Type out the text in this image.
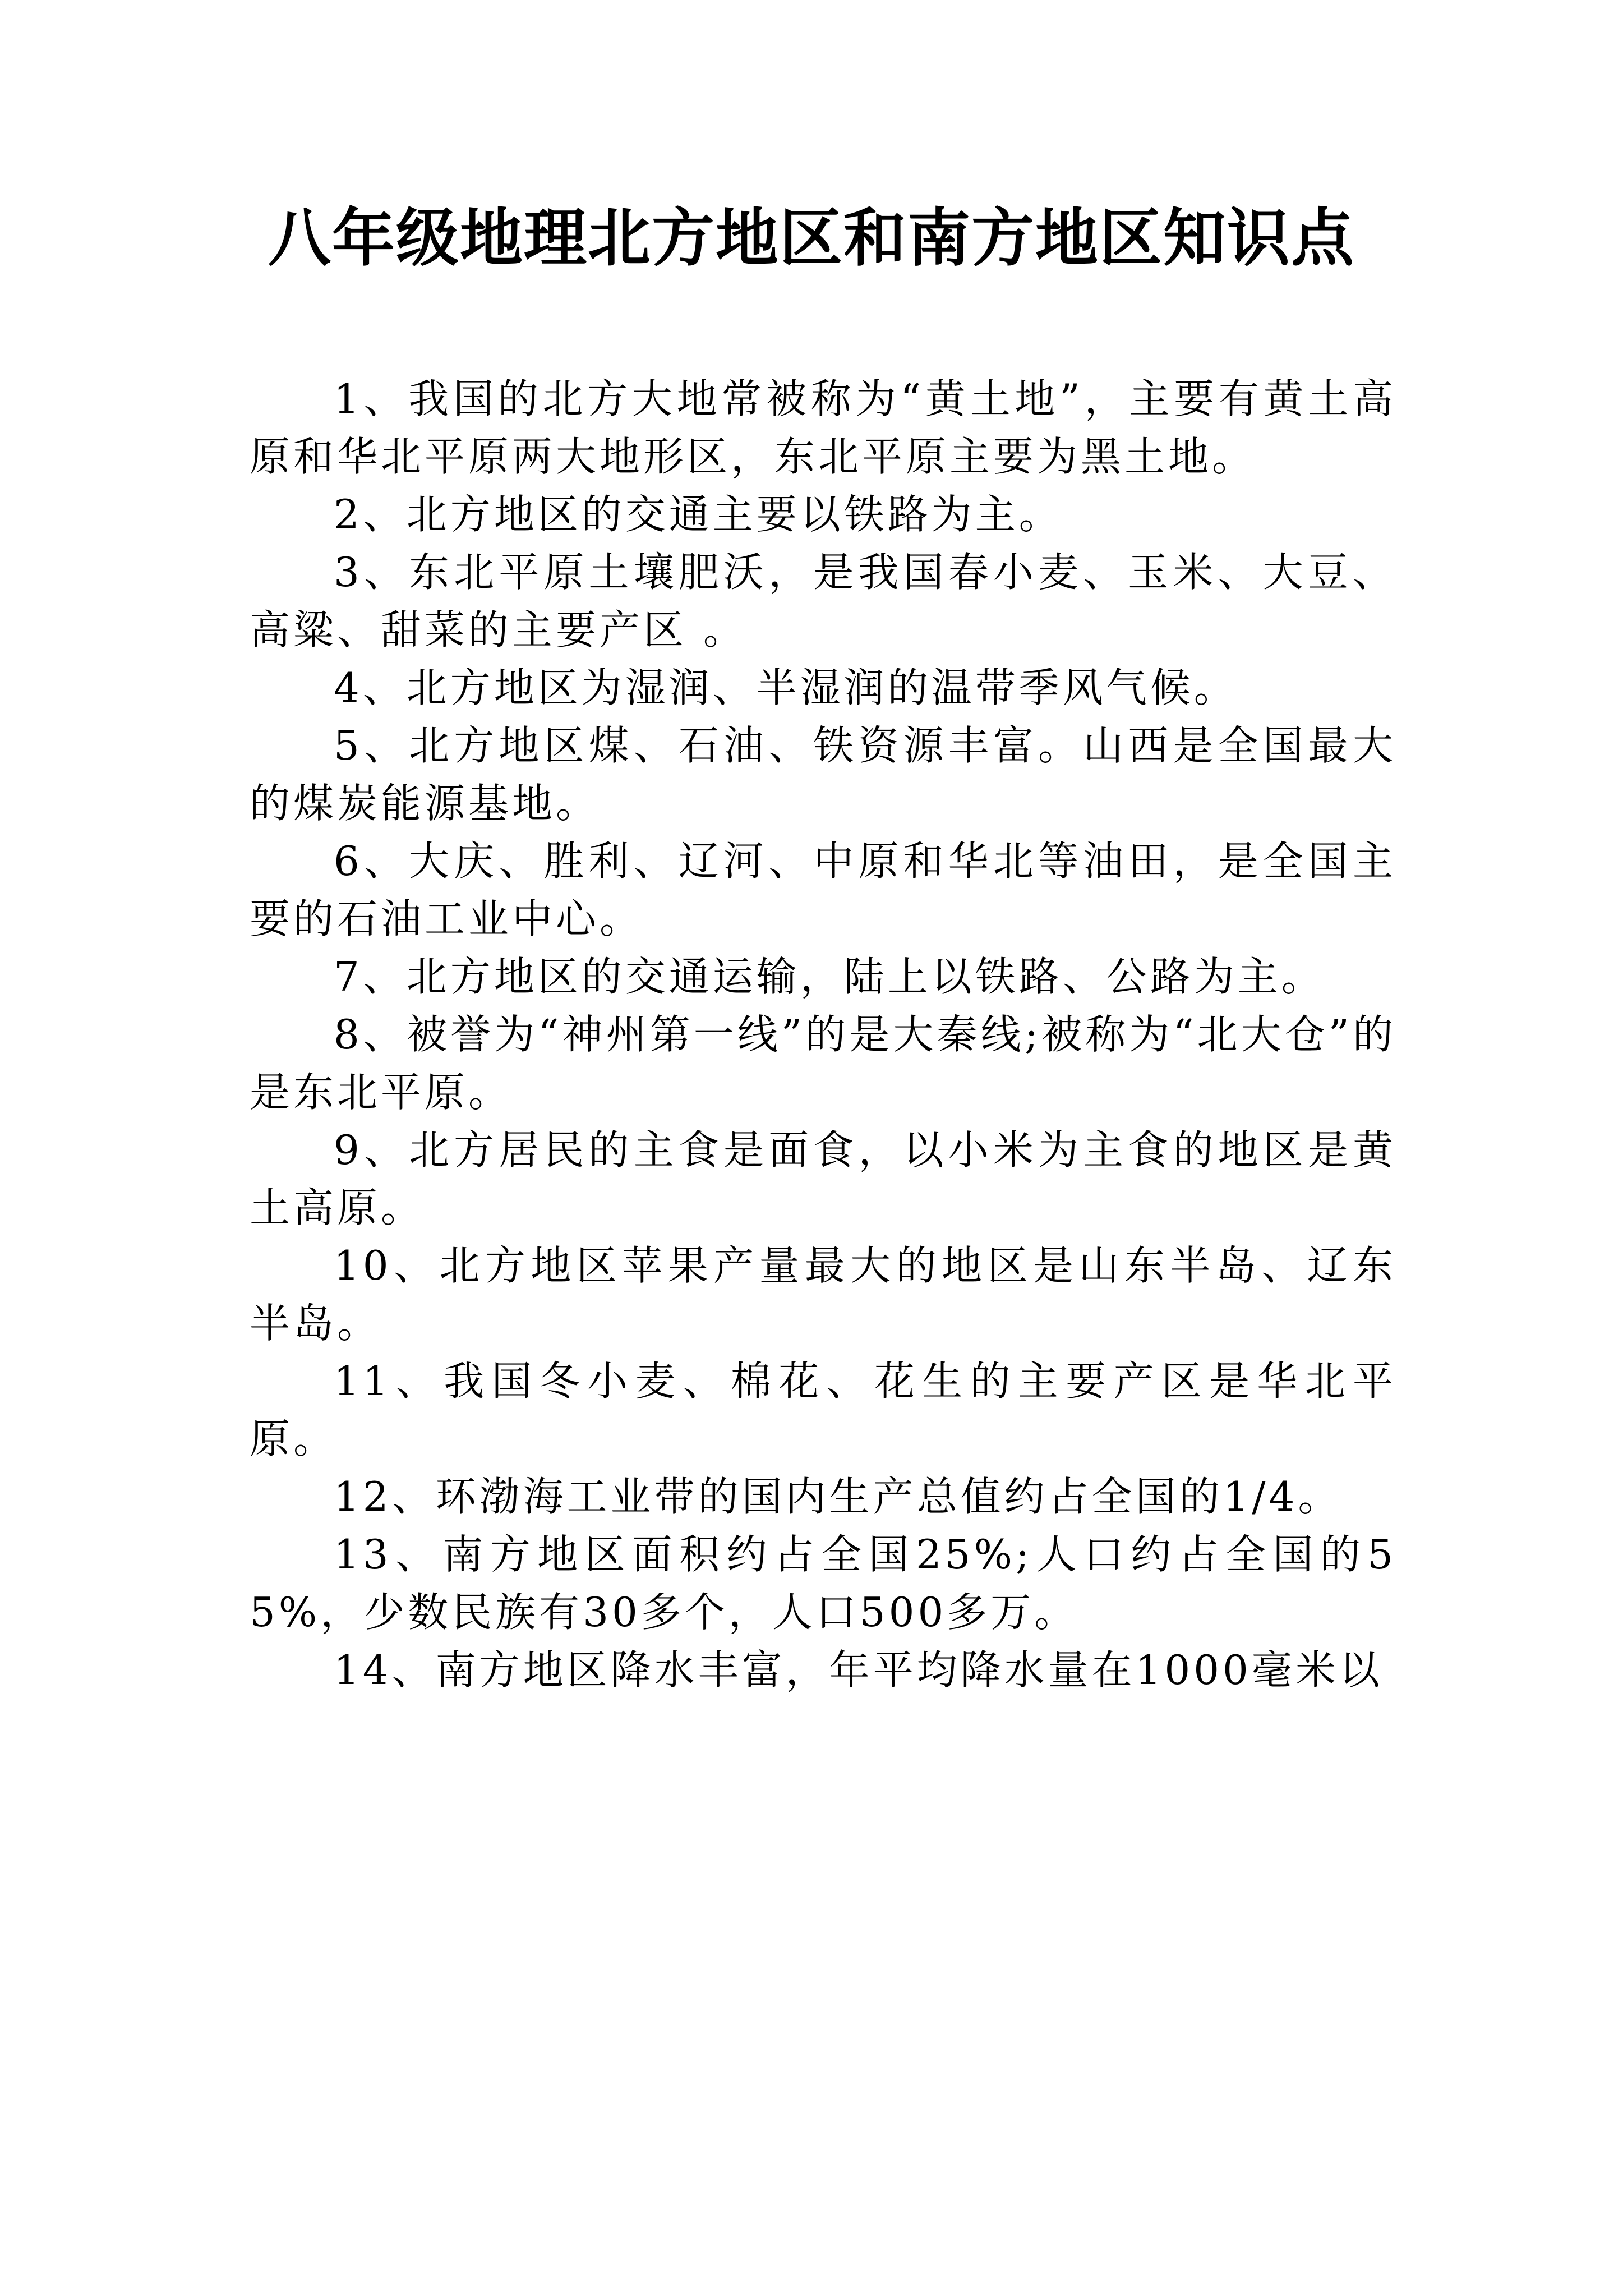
八年级地理北方地区和南方地区知识点

1、我国的北方大地常被称为“黄土地”，主要有黄土高原和华北平原两大地形区，东北平原主要为黑土地。

2、北方地区的交通主要以铁路为主。

3、东北平原土壤肥沃，是我国春小麦、玉米、大豆、高粱、甜菜的主要产区 。

4、北方地区为湿润、半湿润的温带季风气候。

5、北方地区煤、石油、铁资源丰富。山西是全国最大的煤炭能源基地。

6、大庆、胜利、辽河、中原和华北等油田，是全国主要的石油工业中心。

7、北方地区的交通运输，陆上以铁路、公路为主。

8、被誉为“神州第一线”的是大秦线;被称为“北大仓”的是东北平原。

9、北方居民的主食是面食，以小米为主食的地区是黄土高原。

10、北方地区苹果产量最大的地区是山东半岛、辽东半岛。

11、我国冬小麦、棉花、花生的主要产区是华北平原。

12、环渤海工业带的国内生产总值约占全国的1/4。

13、南方地区面积约占全国25%;人口约占全国的55%，少数民族有30多个，人口500多万。

14、南方地区降水丰富，年平均降水量在1000毫米以
